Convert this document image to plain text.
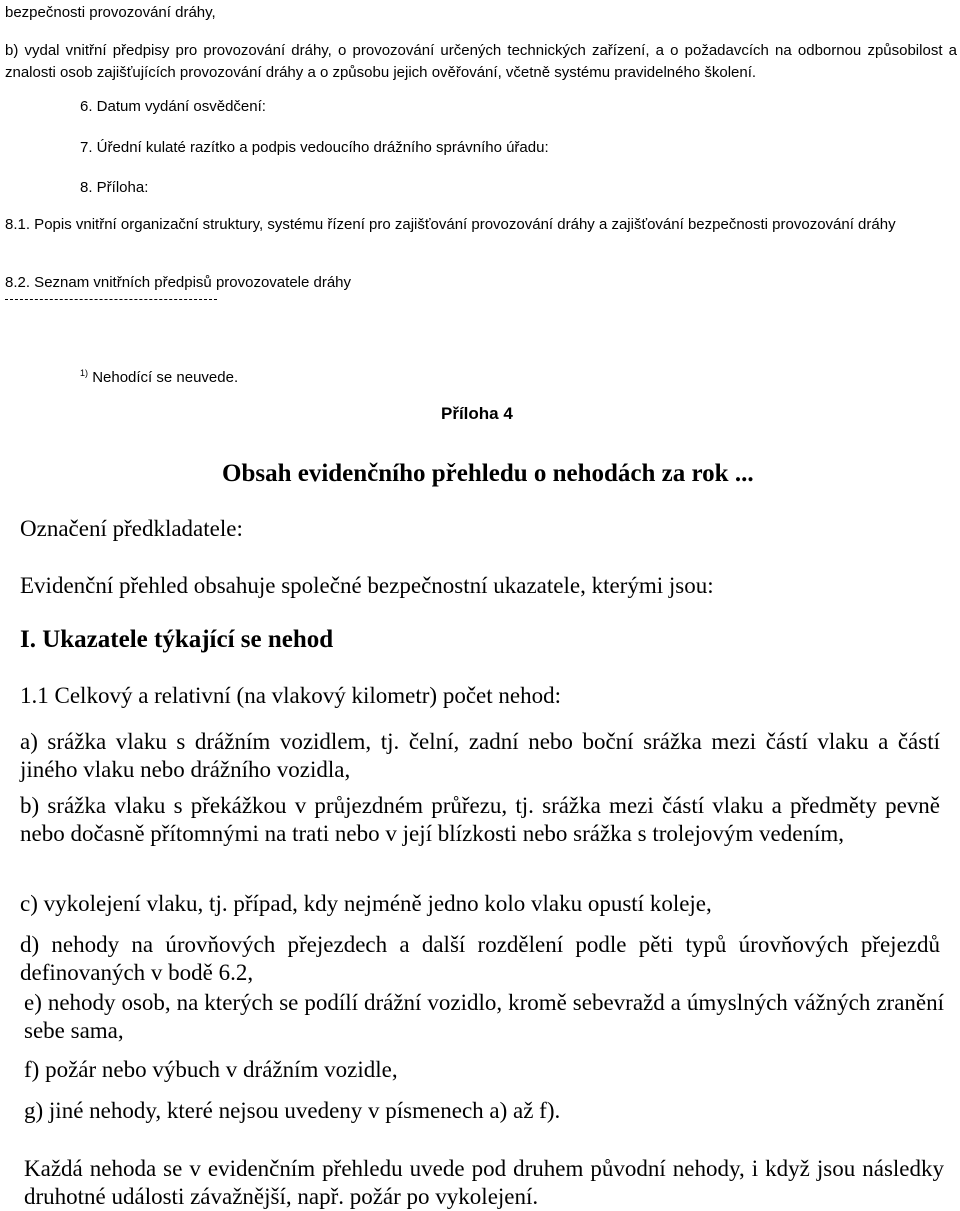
bezpečnosti provozování dráhy,
b) vydal vnitřní předpisy pro provozování dráhy, o provozování určených technických zařízení, a o požadavcích na odbornou způsobilost a znalosti osob zajišťujících provozování dráhy a o způsobu jejich ověřování, včetně systému pravidelného školení.
6. Datum vydání osvědčení:
7. Úřední kulaté razítko a podpis vedoucího drážního správního úřadu:
8. Příloha:
8.1. Popis vnitřní organizační struktury, systému řízení pro zajišťování provozování dráhy a zajišťování bezpečnosti provozování dráhy
8.2. Seznam vnitřních předpisů provozovatele dráhy
$^{1)}$ Nehodící se neuvede.
Příloha 4
Obsah evidenčního přehledu o nehodách za rok ...
Označení předkladatele:
Evidenční přehled obsahuje společné bezpečnostní ukazatele, kterými jsou:
I. Ukazatele týkající se nehod
1.1 Celkový a relativní (na vlakový kilometr) počet nehod:
a) srážka vlaku s drážním vozidlem, tj. čelní, zadní nebo boční srážka mezi částí vlaku a částí jiného vlaku nebo drážního vozidla,
b) srážka vlaku s překážkou v průjezdném průřezu, tj. srážka mezi částí vlaku a předměty pevně nebo dočasně přítomnými na trati nebo v její blízkosti nebo srážka s trolejovým vedením,
c) vykolejení vlaku, tj. případ, kdy nejméně jedno kolo vlaku opustí koleje,
d) nehody na úrovňových přejezdech a další rozdělení podle pěti typů úrovňových přejezdů definovaných v bodě 6.2,
e) nehody osob, na kterých se podílí drážní vozidlo, kromě sebevražd a úmyslných vážných zranění sebe sama,
f) požár nebo výbuch v drážním vozidle,
g) jiné nehody, které nejsou uvedeny v písmenech a) až f).
Každá nehoda se v evidenčním přehledu uvede pod druhem původní nehody, i když jsou následky druhotné události závažnější, např. požár po vykolejení.
